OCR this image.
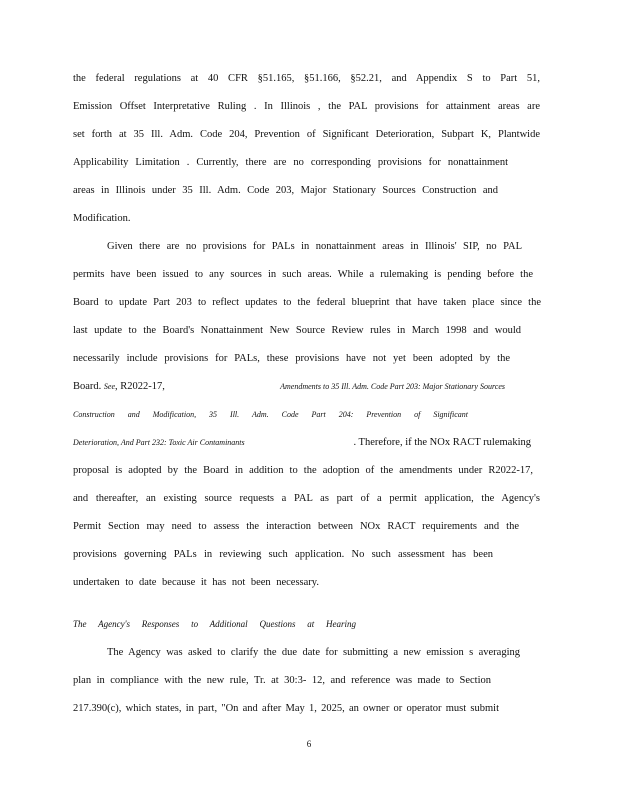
the federal regulations at 40 CFR §51.165, §51.166, §52.21, and Appendix S to Part 51,
Emission Offset Interpretative Ruling . In Illinois , the PAL provisions for attainment areas are
set forth at 35 Ill. Adm. Code 204, Prevention of Significant Deterioration, Subpart K, Plantwide
Applicability Limitation . Currently, there are no corresponding provisions for nonattainment
areas in Illinois under 35 Ill. Adm. Code 203, Major Stationary Sources Construction and
Modification.
Given there are no provisions for PALs in nonattainment areas in Illinois' SIP, no PAL
permits have been issued to any sources in such areas. While a rulemaking is pending before the
Board to update Part 203 to reflect updates to the federal blueprint that have taken place since the
last update to the Board's Nonattainment New Source Review rules in March 1998 and would
necessarily include provisions for PALs, these provisions have not yet been adopted by the
Board. See, R2022-17,	Amendments to 35 Ill. Adm. Code Part 203: Major Stationary Sources
Construction and Modification, 35 Ill. Adm. Code Part 204: Prevention of Significant
Deterioration, And Part 232: Toxic Air Contaminants	. Therefore, if the NOx RACT rulemaking
proposal is adopted by the Board in addition to the adoption of the amendments under R2022-17,
and thereafter, an existing source requests a PAL as part of a permit application, the Agency's
Permit Section may need to assess the interaction between NOx RACT requirements and the
provisions governing PALs in reviewing such application. No such assessment has been
undertaken to date because it has not been necessary.
The Agency's Responses to Additional Questions at Hearing
The Agency was asked to clarify the due date for submitting a new emission s averaging
plan in compliance with the new rule, Tr. at 30:3- 12, and reference was made to Section
217.390(c), which states, in part, "On and after May 1, 2025, an owner or operator must submit
6
